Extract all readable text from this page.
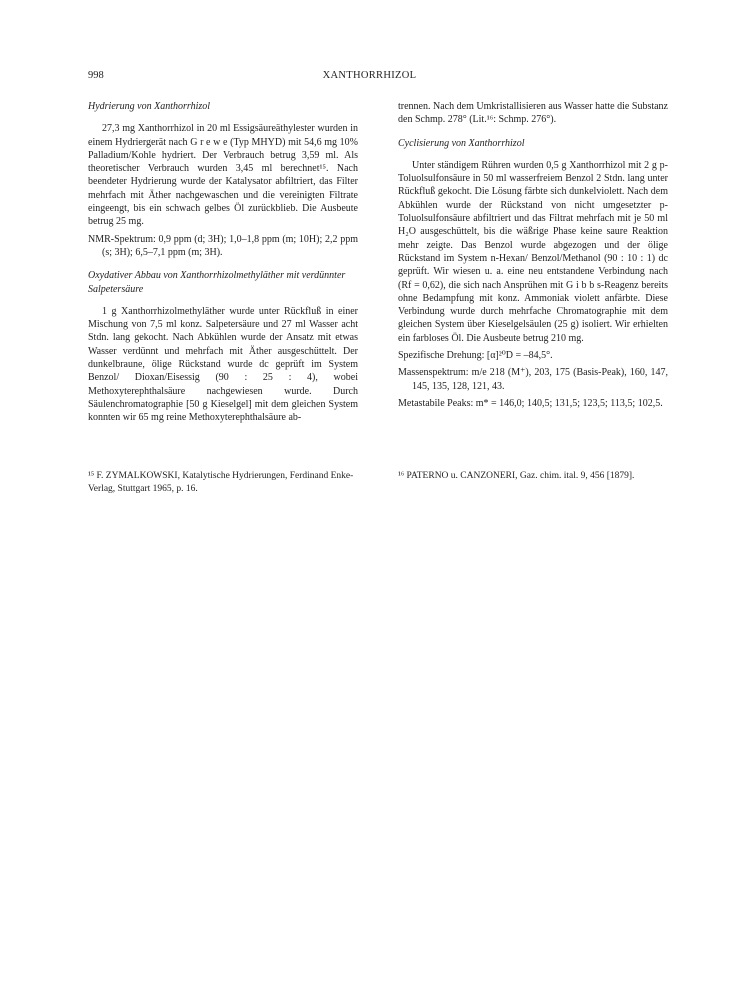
998	XANTHORRHIZOL

Hydrierung von Xanthorrhizol

27,3 mg Xanthorrhizol in 20 ml Essigsäureäthylester wurden in einem Hydriergerät nach G r e w e (Typ MHYD) mit 54,6 mg 10% Palladium/Kohle hydriert. Der Verbrauch betrug 3,59 ml. Als theoretischer Verbrauch wurden 3,45 ml berechnet¹⁵. Nach beendeter Hydrierung wurde der Katalysator abfiltriert, das Filter mehrfach mit Äther nachgewaschen und die vereinigten Filtrate eingeengt, bis ein schwach gelbes Öl zurückblieb. Die Ausbeute betrug 25 mg.

NMR-Spektrum: 0,9 ppm (d; 3H); 1,0–1,8 ppm (m; 10H); 2,2 ppm (s; 3H); 6,5–7,1 ppm (m; 3H).

Oxydativer Abbau von Xanthorrhizolmethyläther mit verdünnter Salpetersäure

1 g Xanthorrhizolmethyläther wurde unter Rückfluß in einer Mischung von 7,5 ml konz. Salpetersäure und 27 ml Wasser acht Stdn. lang gekocht. Nach Abkühlen wurde der Ansatz mit etwas Wasser verdünnt und mehrfach mit Äther ausgeschüttelt. Der dunkelbraune, ölige Rückstand wurde dc geprüft im System Benzol/ Dioxan/Eisessig (90 : 25 : 4), wobei Methoxyterephthalsäure nachgewiesen wurde. Durch Säulenchromatographie [50 g Kieselgel] mit dem gleichen System konnten wir 65 mg reine Methoxyterephthalsäure ab-

trennen. Nach dem Umkristallisieren aus Wasser hatte die Substanz den Schmp. 278° (Lit.¹⁶: Schmp. 276°).

Cyclisierung von Xanthorrhizol

Unter ständigem Rühren wurden 0,5 g Xanthorrhizol mit 2 g p-Toluolsulfonsäure in 50 ml wasserfreiem Benzol 2 Stdn. lang unter Rückfluß gekocht. Die Lösung färbte sich dunkelviolett. Nach dem Abkühlen wurde der Rückstand von nicht umgesetzter p-Toluolsulfonsäure abfiltriert und das Filtrat mehrfach mit je 50 ml H₂O ausgeschüttelt, bis die wäßrige Phase keine saure Reaktion mehr zeigte. Das Benzol wurde abgezogen und der ölige Rückstand im System n-Hexan/ Benzol/Methanol (90 : 10 : 1) dc geprüft. Wir wiesen u. a. eine neu entstandene Verbindung nach (Rf = 0,62), die sich nach Ansprühen mit G i b b s-Reagenz bereits ohne Bedampfung mit konz. Ammoniak violett anfärbte. Diese Verbindung wurde durch mehrfache Chromatographie mit dem gleichen System über Kieselgelsäulen (25 g) isoliert. Wir erhielten ein farbloses Öl. Die Ausbeute betrug 210 mg.

Spezifische Drehung: [α]²⁰D = –84,5°.

Massenspektrum: m/e 218 (M⁺), 203, 175 (Basis-Peak), 160, 147, 145, 135, 128, 121, 43.

Metastabile Peaks: m* = 146,0; 140,5; 131,5; 123,5; 113,5; 102,5.

¹⁵ F. ZYMALKOWSKI, Katalytische Hydrierungen, Ferdinand Enke-Verlag, Stuttgart 1965, p. 16.
¹⁶ PATERNO u. CANZONERI, Gaz. chim. ital. 9, 456 [1879].
